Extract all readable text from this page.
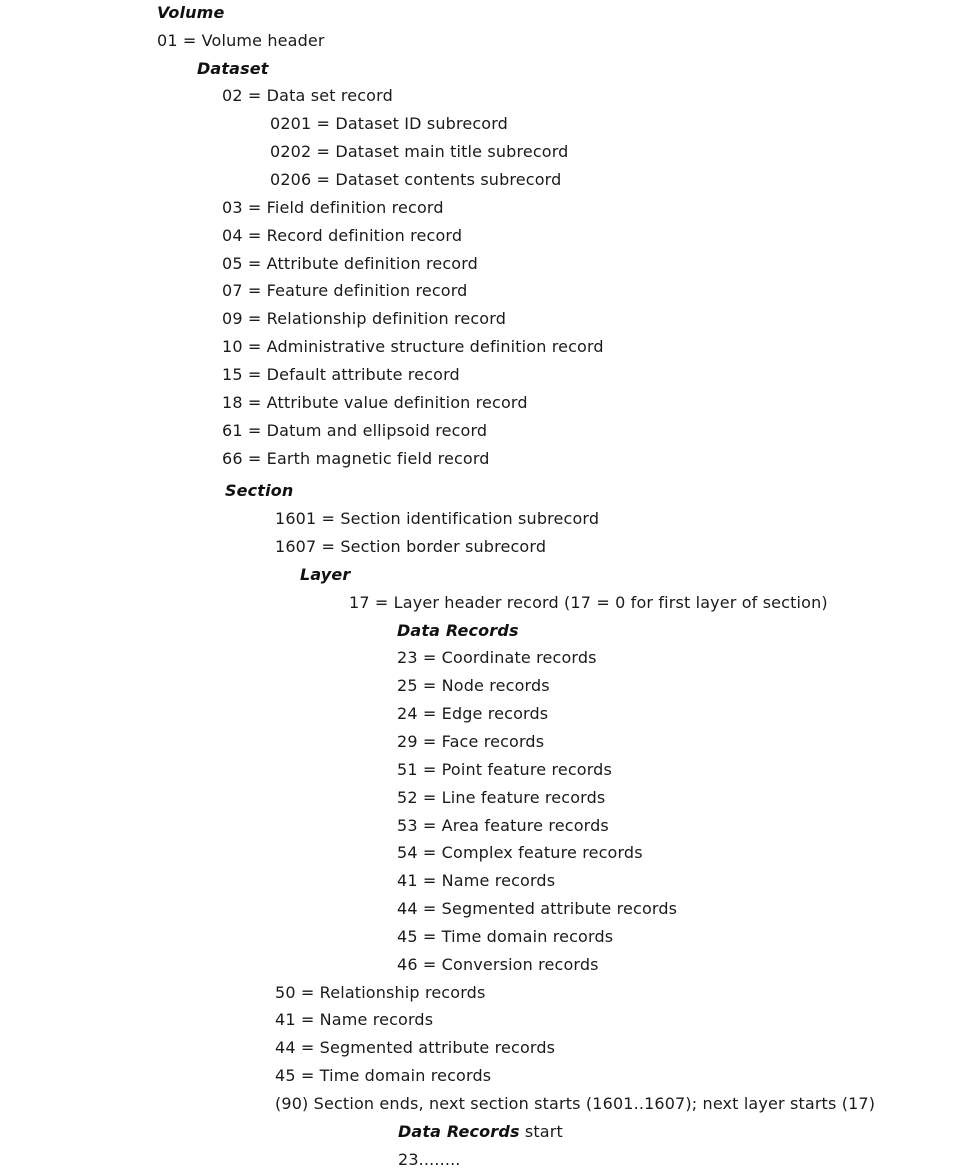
Volume
01 = Volume header
Dataset
02 = Data set record
0201 = Dataset ID subrecord
0202 = Dataset main title subrecord
0206 = Dataset contents subrecord
03 = Field definition record
04 = Record definition record
05 = Attribute definition record
07 = Feature definition record
09 = Relationship definition record
10 = Administrative structure definition record
15 = Default attribute record
18 = Attribute value definition record
61 = Datum and ellipsoid record
66 = Earth magnetic field record
Section
1601 = Section identification subrecord
1607 = Section border subrecord
Layer
17 = Layer header record (17 = 0 for first layer of section)
Data Records
23 = Coordinate records
25 = Node records
24 = Edge records
29 = Face records
51 = Point feature records
52 = Line feature records
53 = Area feature records
54 = Complex feature records
41 = Name records
44 = Segmented attribute records
45 = Time domain records
46 = Conversion records
50 = Relationship records
41 = Name records
44 = Segmented attribute records
45 = Time domain records
(90) Section ends, next section starts (1601..1607); next layer starts (17)
Data Records start
23........
